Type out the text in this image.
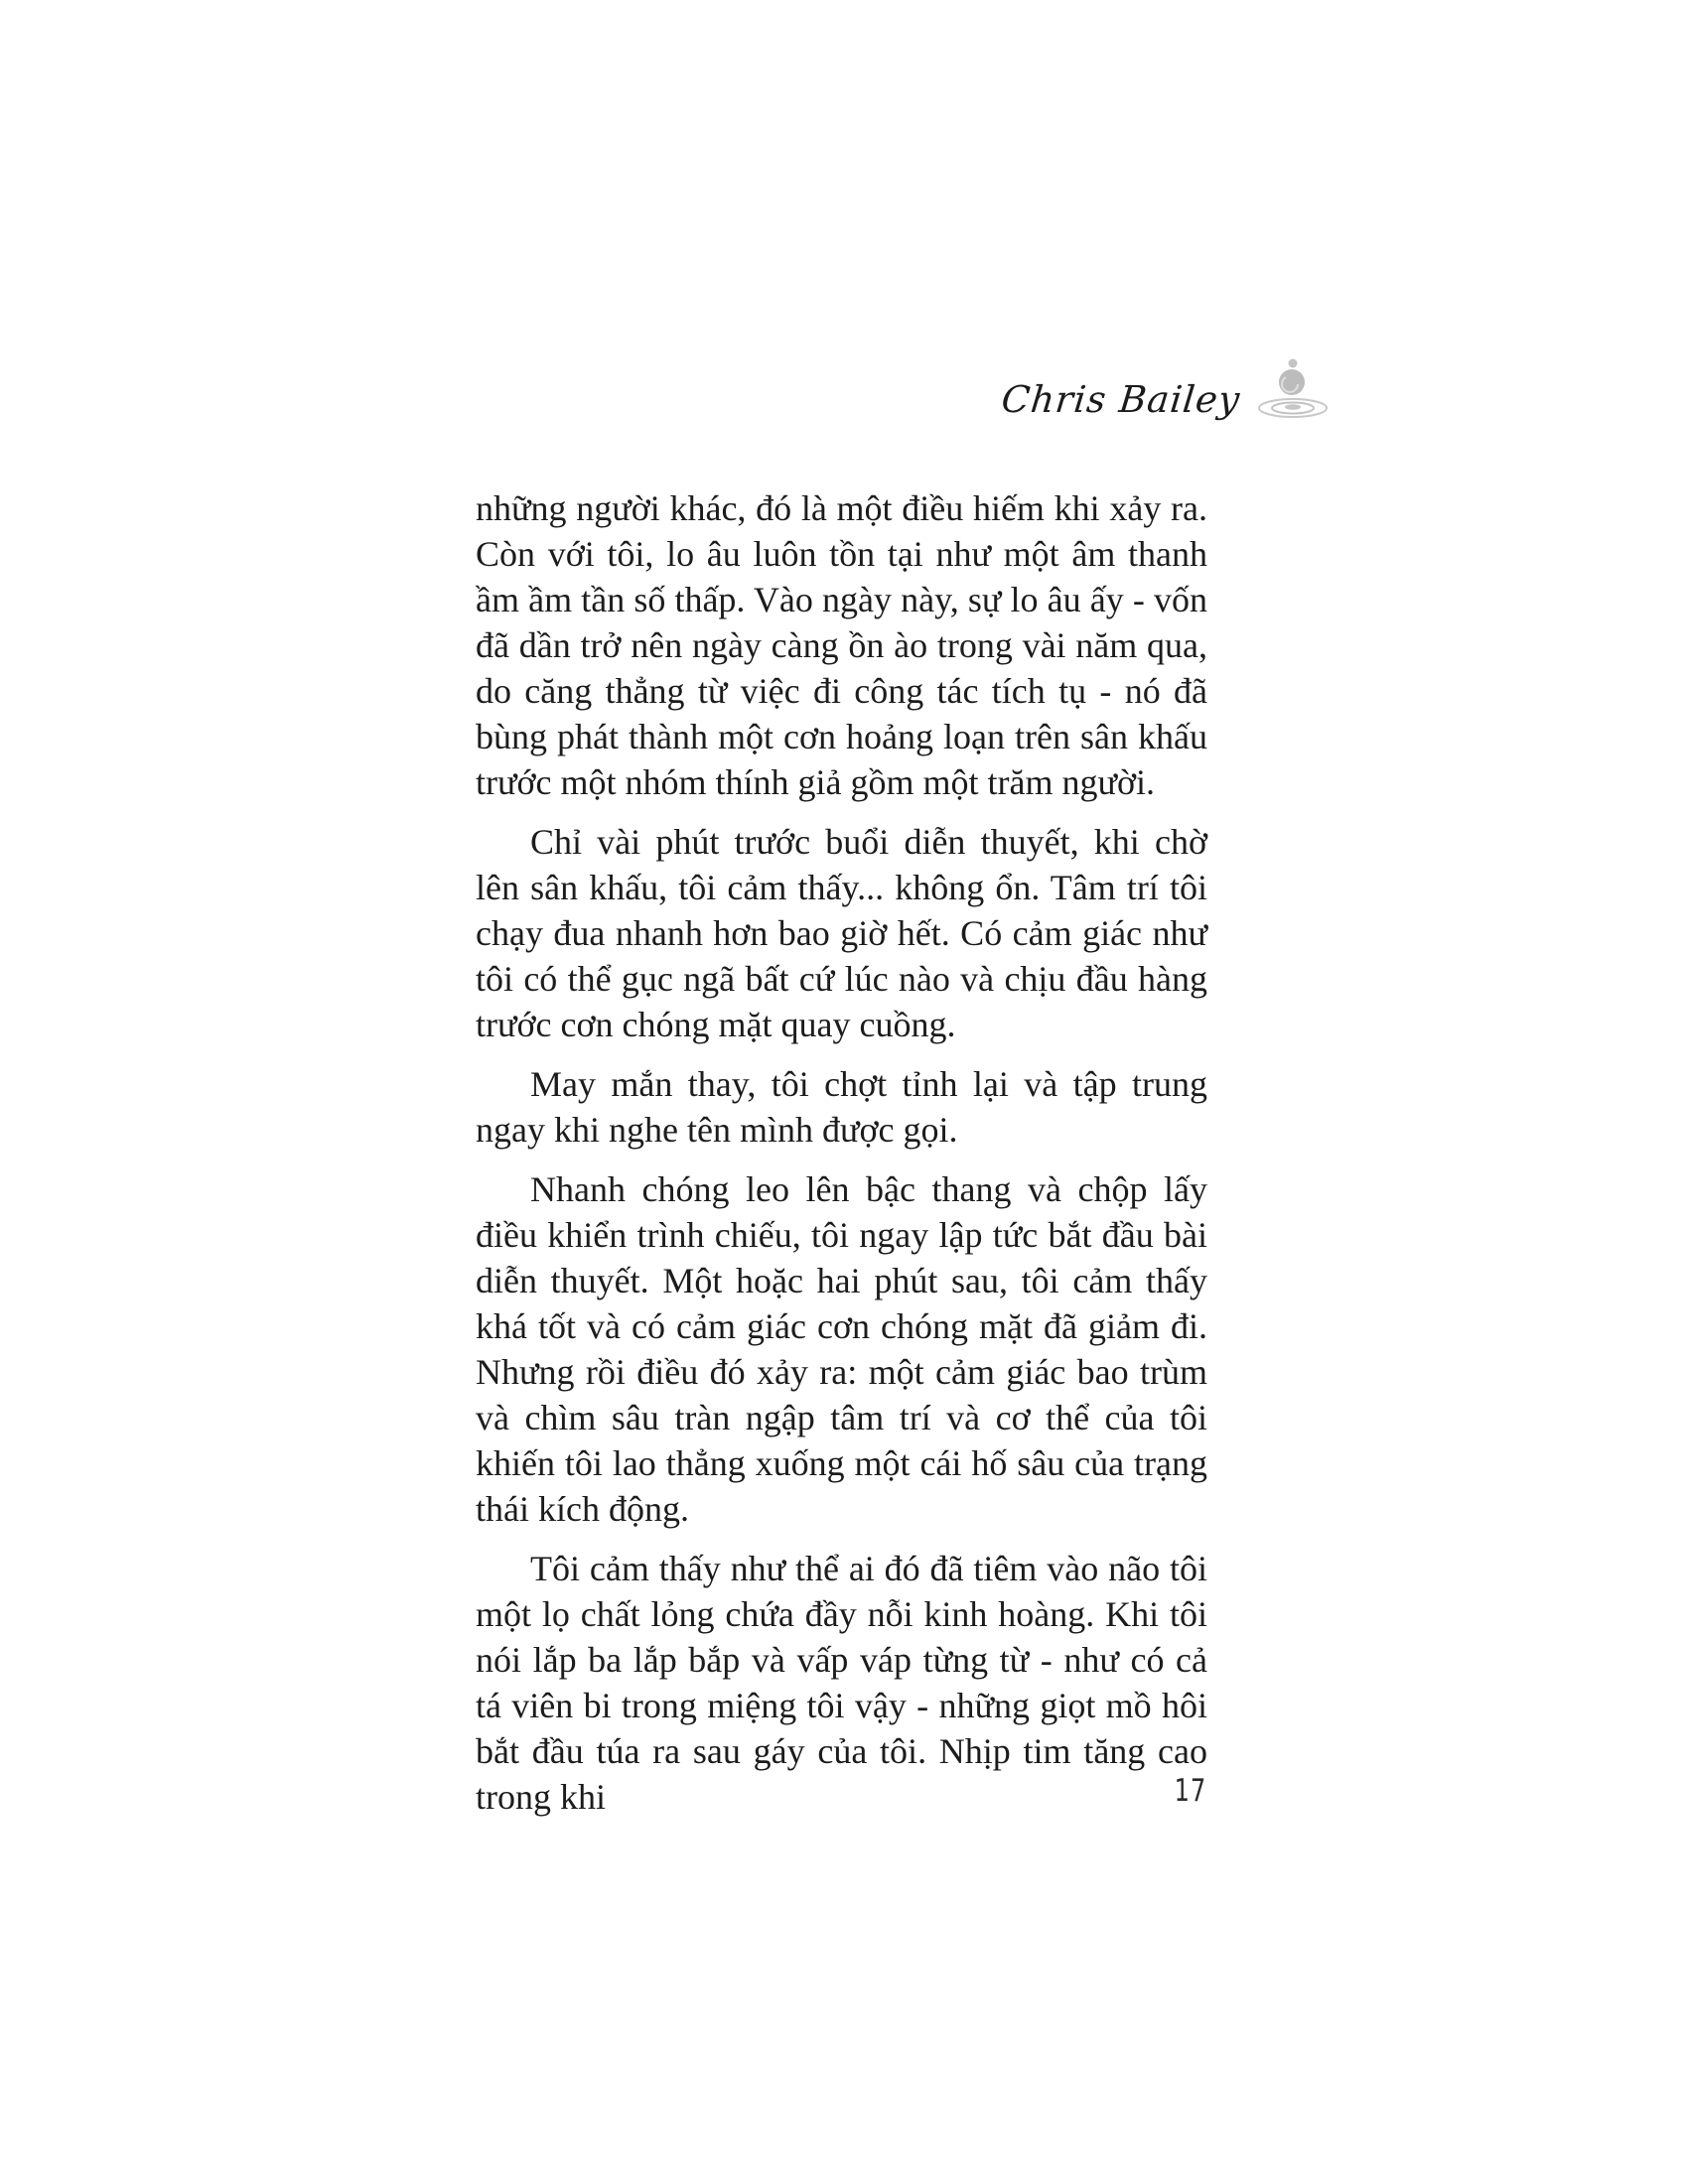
Chris Bailey

những người khác, đó là một điều hiếm khi xảy ra. Còn với tôi, lo âu luôn tồn tại như một âm thanh ầm ầm tần số thấp. Vào ngày này, sự lo âu ấy - vốn đã dần trở nên ngày càng ồn ào trong vài năm qua, do căng thẳng từ việc đi công tác tích tụ - nó đã bùng phát thành một cơn hoảng loạn trên sân khấu trước một nhóm thính giả gồm một trăm người.

Chỉ vài phút trước buổi diễn thuyết, khi chờ lên sân khấu, tôi cảm thấy... không ổn. Tâm trí tôi chạy đua nhanh hơn bao giờ hết. Có cảm giác như tôi có thể gục ngã bất cứ lúc nào và chịu đầu hàng trước cơn chóng mặt quay cuồng.

May mắn thay, tôi chợt tỉnh lại và tập trung ngay khi nghe tên mình được gọi.

Nhanh chóng leo lên bậc thang và chộp lấy điều khiển trình chiếu, tôi ngay lập tức bắt đầu bài diễn thuyết. Một hoặc hai phút sau, tôi cảm thấy khá tốt và có cảm giác cơn chóng mặt đã giảm đi. Nhưng rồi điều đó xảy ra: một cảm giác bao trùm và chìm sâu tràn ngập tâm trí và cơ thể của tôi khiến tôi lao thẳng xuống một cái hố sâu của trạng thái kích động.

Tôi cảm thấy như thể ai đó đã tiêm vào não tôi một lọ chất lỏng chứa đầy nỗi kinh hoàng. Khi tôi nói lắp ba lắp bắp và vấp váp từng từ - như có cả tá viên bi trong miệng tôi vậy - những giọt mồ hôi bắt đầu túa ra sau gáy của tôi. Nhịp tim tăng cao trong khi	17
